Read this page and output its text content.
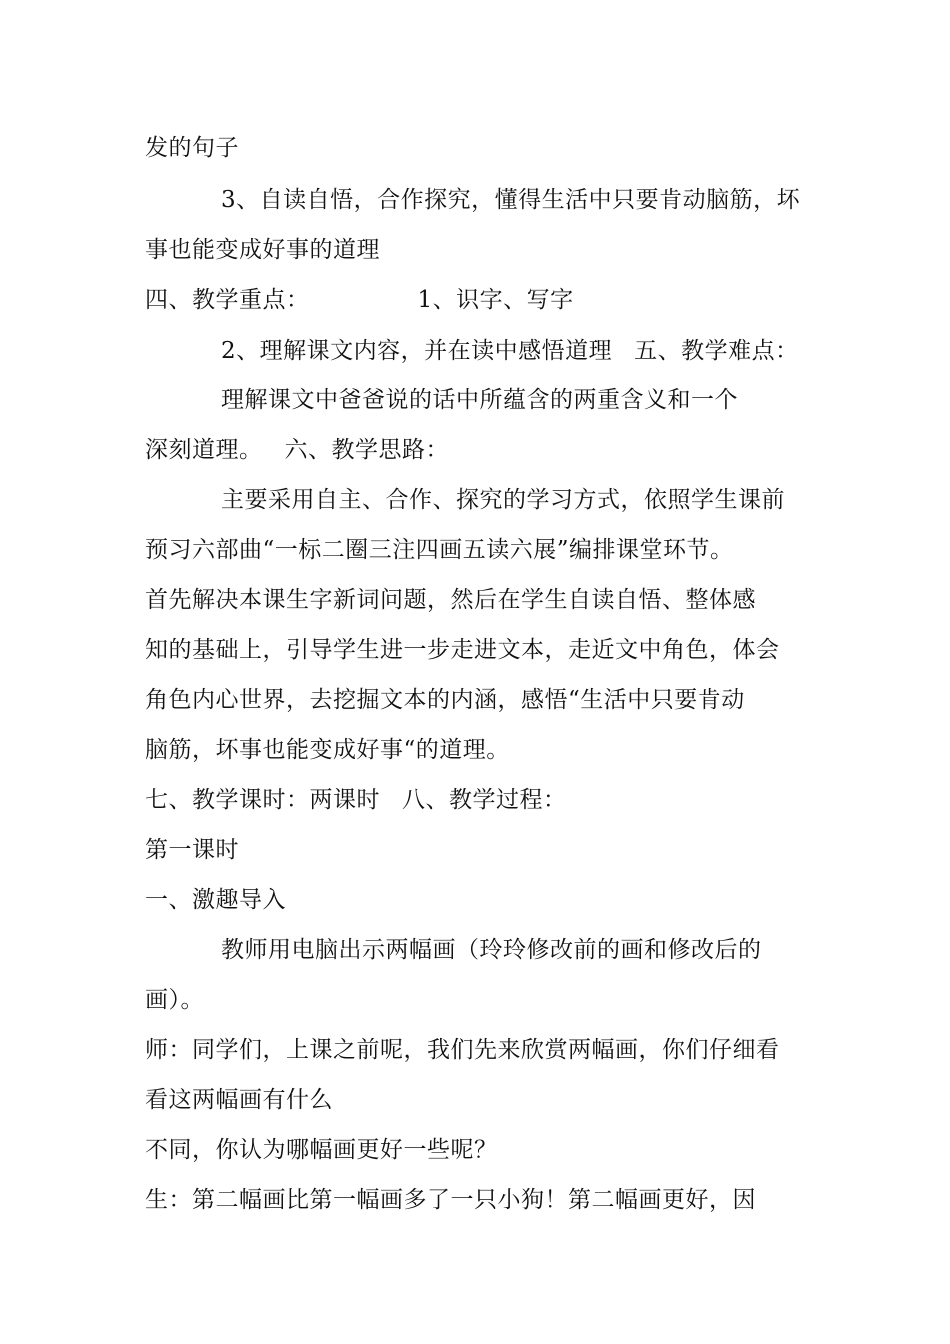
发的句子
3、自读自悟，合作探究，懂得生活中只要肯动脑筋，坏
事也能变成好事的道理
四、教学重点：	1、识字、写字
2、理解课文内容，并在读中感悟道理 五、教学难点：
理解课文中爸爸说的话中所蕴含的两重含义和一个
深刻道理。 六、教学思路：
主要采用自主、合作、探究的学习方式，依照学生课前
预习六部曲“一标二圈三注四画五读六展”编排课堂环节。
首先解决本课生字新词问题，然后在学生自读自悟、整体感
知的基础上，引导学生进一步走进文本，走近文中角色，体会
角色内心世界，去挖掘文本的内涵，感悟“生活中只要肯动
脑筋，坏事也能变成好事“的道理。
七、教学课时：两课时 八、教学过程：
第一课时
一、激趣导入
教师用电脑出示两幅画（玲玲修改前的画和修改后的
画）。
师：同学们，上课之前呢，我们先来欣赏两幅画，你们仔细看
看这两幅画有什么
不同，你认为哪幅画更好一些呢？
生：第二幅画比第一幅画多了一只小狗！第二幅画更好，因
